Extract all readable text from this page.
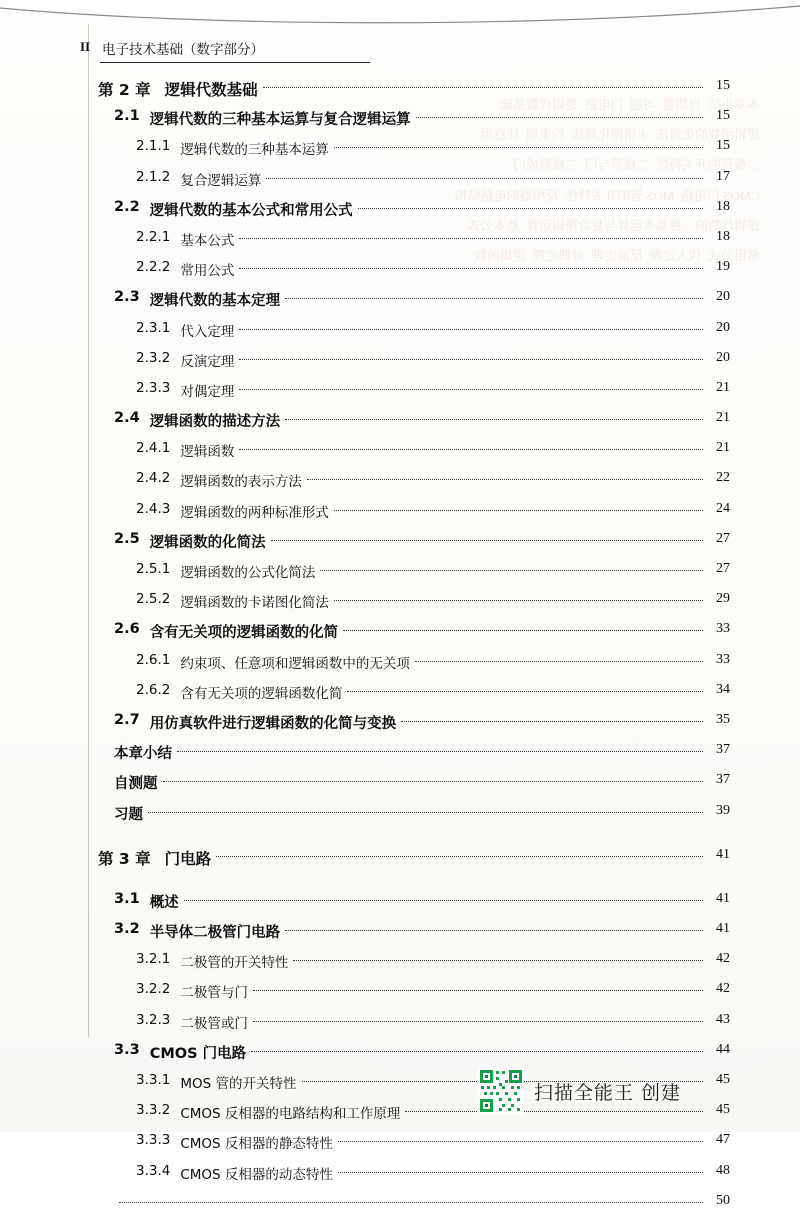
II 电子技术基础（数字部分）
第 2 章 逻辑代数基础	15
2.1 逻辑代数的三种基本运算与复合逻辑运算	15
2.1.1 逻辑代数的三种基本运算	15
2.1.2 复合逻辑运算	17
2.2 逻辑代数的基本公式和常用公式	18
2.2.1 基本公式	18
2.2.2 常用公式	19
2.3 逻辑代数的基本定理	20
2.3.1 代入定理	20
2.3.2 反演定理	20
2.3.3 对偶定理	21
2.4 逻辑函数的描述方法	21
2.4.1 逻辑函数	21
2.4.2 逻辑函数的表示方法	22
2.4.3 逻辑函数的两种标准形式	24
2.5 逻辑函数的化简法	27
2.5.1 逻辑函数的公式化简法	27
2.5.2 逻辑函数的卡诺图化简法	29
2.6 含有无关项的逻辑函数的化简	33
2.6.1 约束项、任意项和逻辑函数中的无关项	33
2.6.2 含有无关项的逻辑函数化简	34
2.7 用仿真软件进行逻辑函数的化简与变换	35
本章小结	37
自测题	37
习题	39
第 3 章 门电路	41
3.1 概述	41
3.2 半导体二极管门电路	41
3.2.1 二极管的开关特性	42
3.2.2 二极管与门	42
3.2.3 二极管或门	43
3.3 CMOS 门电路	44
3.3.1 MOS 管的开关特性	45
3.3.2 CMOS 反相器的电路结构和工作原理	45
3.3.3 CMOS 反相器的静态特性	47
3.3.4 CMOS 反相器的动态特性	48
50
扫描全能王 创建
